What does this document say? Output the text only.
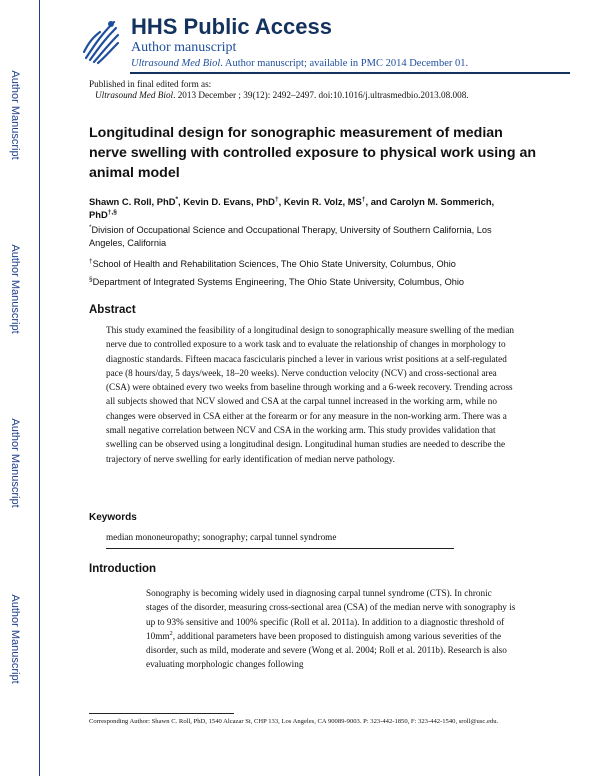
Author Manuscript
Author Manuscript
Author Manuscript
Author Manuscript
HHS Public Access
Author manuscript
Ultrasound Med Biol. Author manuscript; available in PMC 2014 December 01.
Published in final edited form as:
Ultrasound Med Biol. 2013 December ; 39(12): 2492–2497. doi:10.1016/j.ultrasmedbio.2013.08.008.
Longitudinal design for sonographic measurement of median nerve swelling with controlled exposure to physical work using an animal model
Shawn C. Roll, PhD*, Kevin D. Evans, PhD†, Kevin R. Volz, MS†, and Carolyn M. Sommerich, PhD†,§
*Division of Occupational Science and Occupational Therapy, University of Southern California, Los Angeles, California
†School of Health and Rehabilitation Sciences, The Ohio State University, Columbus, Ohio
§Department of Integrated Systems Engineering, The Ohio State University, Columbus, Ohio
Abstract
This study examined the feasibility of a longitudinal design to sonographically measure swelling of the median nerve due to controlled exposure to a work task and to evaluate the relationship of changes in morphology to diagnostic standards. Fifteen macaca fascicularis pinched a lever in various wrist positions at a self-regulated pace (8 hours/day, 5 days/week, 18–20 weeks). Nerve conduction velocity (NCV) and cross-sectional area (CSA) were obtained every two weeks from baseline through working and a 6-week recovery. Trending across all subjects showed that NCV slowed and CSA at the carpal tunnel increased in the working arm, while no changes were observed in CSA either at the forearm or for any measure in the non-working arm. There was a small negative correlation between NCV and CSA in the working arm. This study provides validation that swelling can be observed using a longitudinal design. Longitudinal human studies are needed to describe the trajectory of nerve swelling for early identification of median nerve pathology.
Keywords
median mononeuropathy; sonography; carpal tunnel syndrome
Introduction
Sonography is becoming widely used in diagnosing carpal tunnel syndrome (CTS). In chronic stages of the disorder, measuring cross-sectional area (CSA) of the median nerve with sonography is up to 93% sensitive and 100% specific (Roll et al. 2011a). In addition to a diagnostic threshold of $10mm^2$, additional parameters have been proposed to distinguish among various severities of the disorder, such as mild, moderate and severe (Wong et al. 2004; Roll et al. 2011b). Research is also evaluating morphologic changes following
Corresponding Author: Shawn C. Roll, PhD, 1540 Alcazar St, CHP 133, Los Angeles, CA 90089-9003. P: 323-442-1850, F: 323-442-1540, sroll@usc.edu.
